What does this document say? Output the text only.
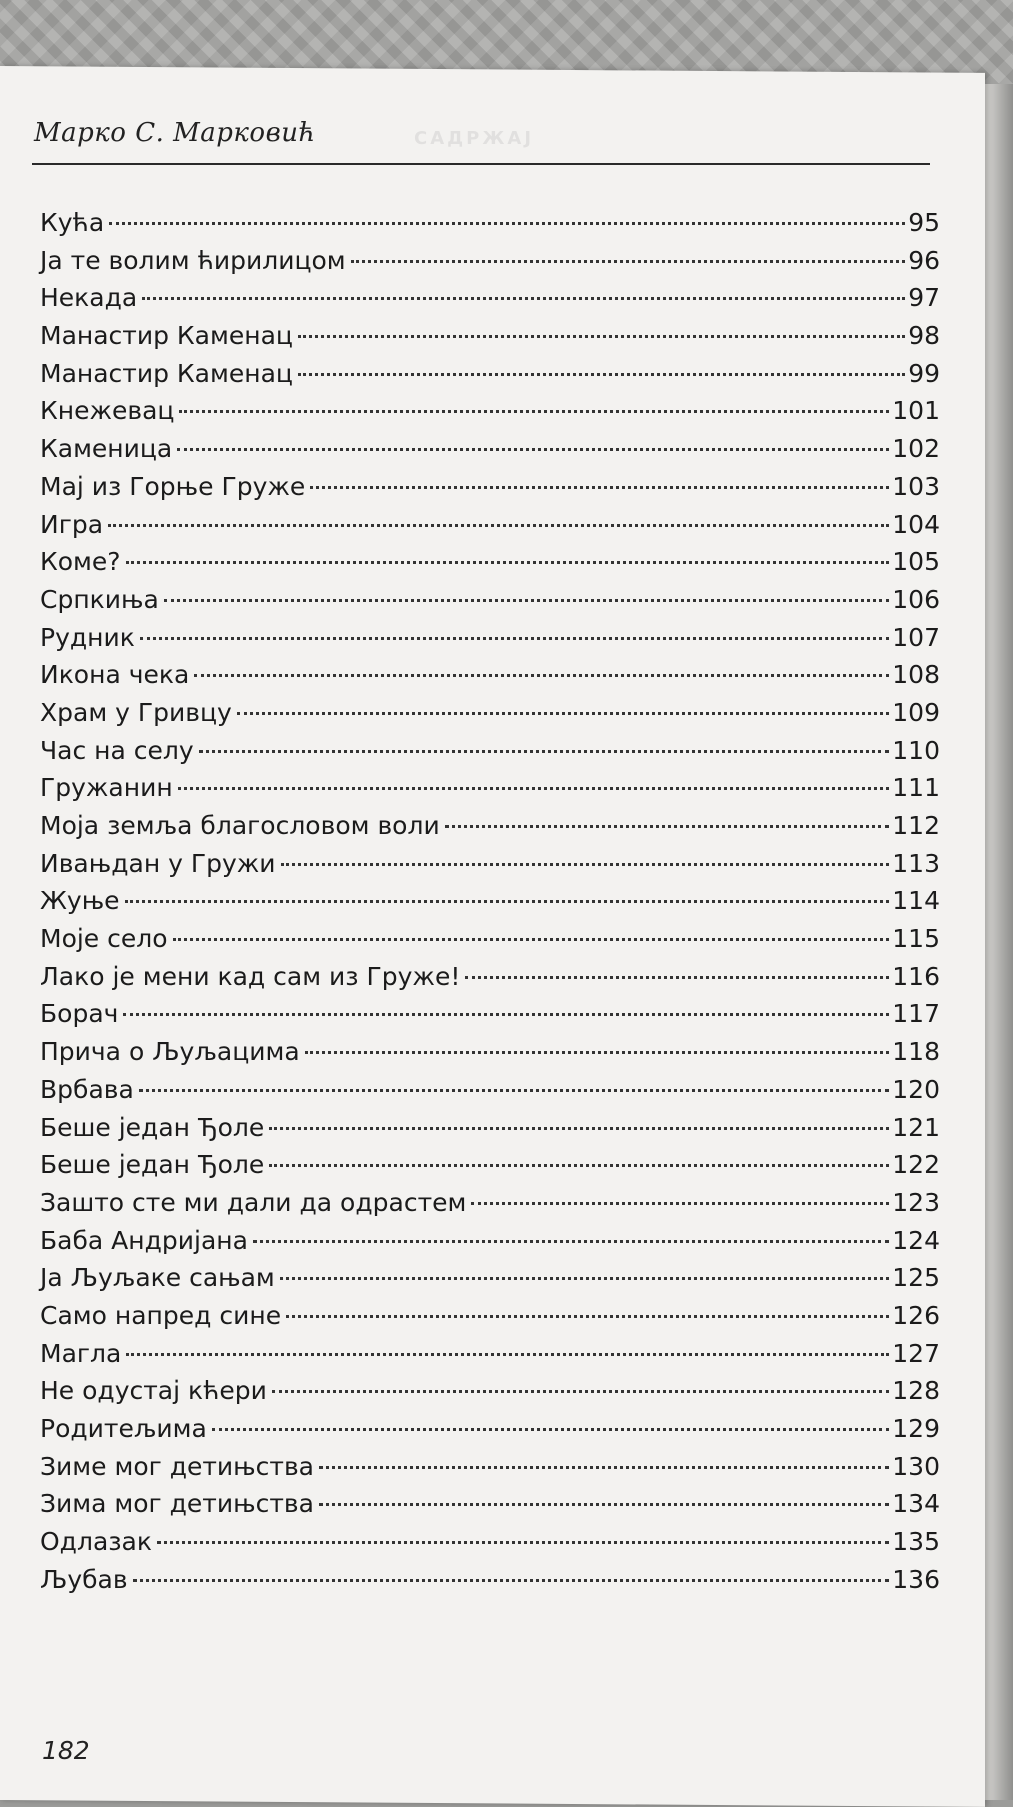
САДРЖАЈ
Марко С. Марковић
Кућа	95
Ја те волим ћирилицом	96
Некада	97
Манастир Каменац	98
Манастир Каменац	99
Кнежевац	101
Каменица	102
Мај из Горње Груже	103
Игра	104
Коме?	105
Српкиња	106
Рудник	107
Икона чека	108
Храм у Гривцу	109
Час на селу	110
Гружанин	111
Моја земља благословом воли	112
Ивањдан у Гружи	113
Жуње	114
Моје село	115
Лако је мени кад сам из Груже!	116
Борач	117
Прича о Љуљацима	118
Врбава	120
Беше један Ђоле	121
Беше један Ђоле	122
Зашто сте ми дали да одрастем	123
Баба Андријана	124
Ја Љуљаке сањам	125
Само напред сине	126
Магла	127
Не одустај кћери	128
Родитељима	129
Зиме мог детињства	130
Зима мог детињства	134
Одлазак	135
Љубав	136
182
